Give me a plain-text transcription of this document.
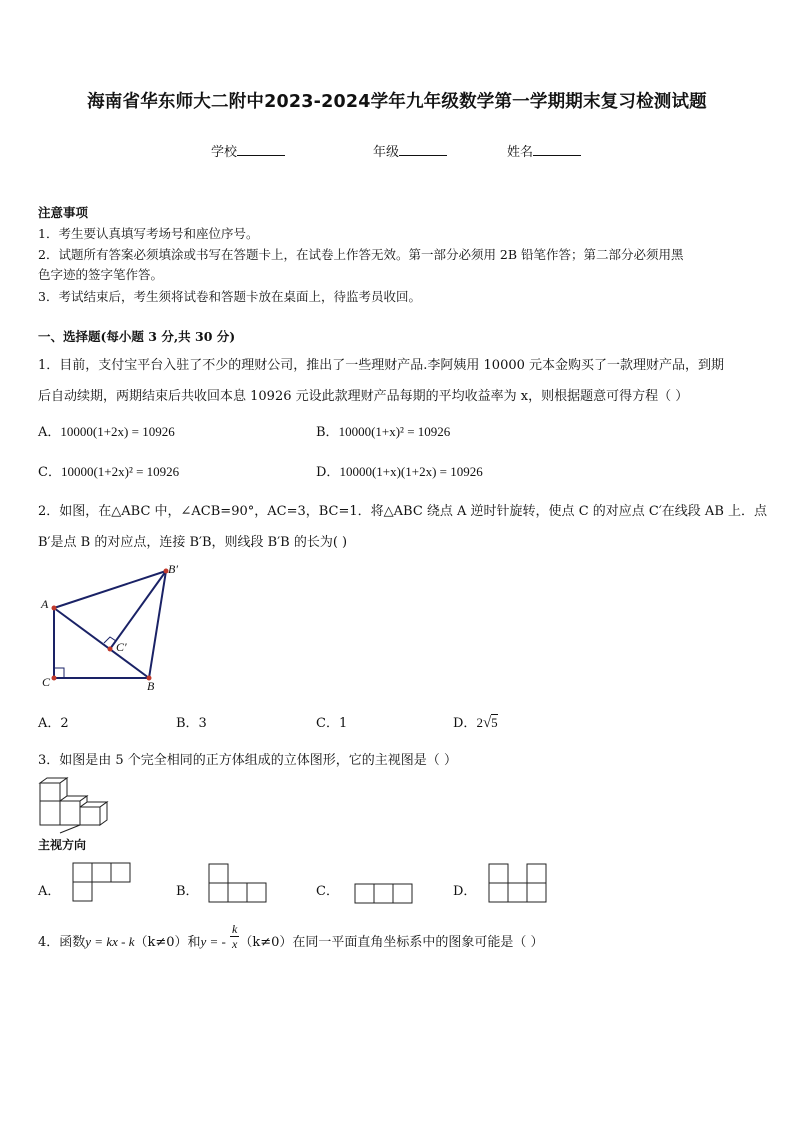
海南省华东师大二附中2023-2024学年九年级数学第一学期期末复习检测试题
学校	年级	姓名
注意事项
1．考生要认真填写考场号和座位序号。
2．试题所有答案必须填涂或书写在答题卡上，在试卷上作答无效。第一部分必须用 2B 铅笔作答；第二部分必须用黑
色字迹的签字笔作答。
3．考试结束后，考生须将试卷和答题卡放在桌面上，待监考员收回。
一、选择题(每小题 3 分,共 30 分)
1．目前，支付宝平台入驻了不少的理财公司，推出了一些理财产品.李阿姨用 10000 元本金购买了一款理财产品，到期
后自动续期，两期结束后共收回本息 10926 元设此款理财产品每期的平均收益率为 x，则根据题意可得方程（ ）
A．10000(1+2x) = 10926	B．10000(1+x)² = 10926
C．10000(1+2x)² = 10926	D．10000(1+x)(1+2x) = 10926
2．如图，在△ABC 中，∠ACB=90°，AC=3，BC=1．将△ABC 绕点 A 逆时针旋转，使点 C 的对应点 C′在线段 AB 上．点
B′是点 B 的对应点，连接 B′B，则线段 B′B 的长为( )
A
B′
C	B
C′
A．2	B．3	C．1	D．2√5
3．如图是由 5 个完全相同的正方体组成的立体图形，它的主视图是（ ）
主视方向
A．	B．	C．	D．
4．函数y = kx - k（k≠0）和y = - $\frac{k}{x} (k\ne 0)$在同一平面直角坐标系中的图象可能是（ ）
